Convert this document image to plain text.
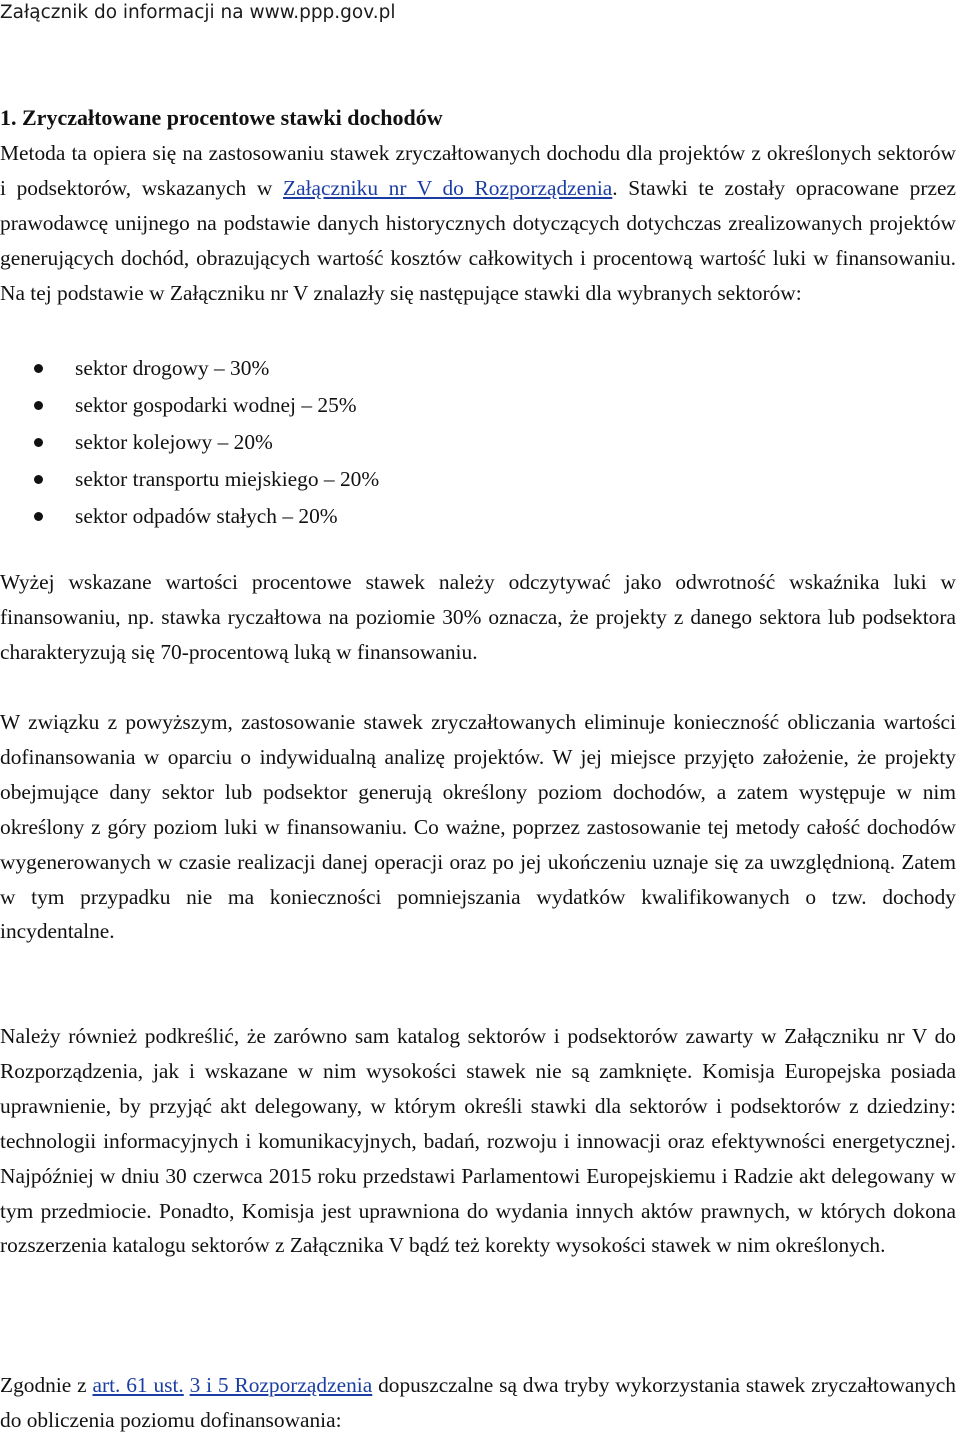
Załącznik do informacji na www.ppp.gov.pl
1. Zryczałtowane procentowe stawki dochodów

Metoda ta opiera się na zastosowaniu stawek zryczałtowanych dochodu dla projektów z określonych sektorów i podsektorów, wskazanych w Załączniku nr V do Rozporządzenia. Stawki te zostały opracowane przez prawodawcę unijnego na podstawie danych historycznych dotyczących dotychczas zrealizowanych projektów generujących dochód, obrazujących wartość kosztów całkowitych i procentową wartość luki w finansowaniu. Na tej podstawie w Załączniku nr V znalazły się następujące stawki dla wybranych sektorów:

sektor drogowy – 30%
sektor gospodarki wodnej – 25%
sektor kolejowy – 20%
sektor transportu miejskiego – 20%
sektor odpadów stałych – 20%

Wyżej wskazane wartości procentowe stawek należy odczytywać jako odwrotność wskaźnika luki w finansowaniu, np. stawka ryczałtowa na poziomie 30% oznacza, że projekty z danego sektora lub podsektora charakteryzują się 70-procentową luką w finansowaniu.

W związku z powyższym, zastosowanie stawek zryczałtowanych eliminuje konieczność obliczania wartości dofinansowania w oparciu o indywidualną analizę projektów. W jej miejsce przyjęto założenie, że projekty obejmujące dany sektor lub podsektor generują określony poziom dochodów, a zatem występuje w nim określony z góry poziom luki w finansowaniu. Co ważne, poprzez zastosowanie tej metody całość dochodów wygenerowanych w czasie realizacji danej operacji oraz po jej ukończeniu uznaje się za uwzględnioną. Zatem w tym przypadku nie ma konieczności pomniejszania wydatków kwalifikowanych o tzw. dochody incydentalne.

Należy również podkreślić, że zarówno sam katalog sektorów i podsektorów zawarty w Załączniku nr V do Rozporządzenia, jak i wskazane w nim wysokości stawek nie są zamknięte. Komisja Europejska posiada uprawnienie, by przyjąć akt delegowany, w którym określi stawki dla sektorów i podsektorów z dziedziny: technologii informacyjnych i komunikacyjnych, badań, rozwoju i innowacji oraz efektywności energetycznej. Najpóźniej w dniu 30 czerwca 2015 roku przedstawi Parlamentowi Europejskiemu i Radzie akt delegowany w tym przedmiocie. Ponadto, Komisja jest uprawniona do wydania innych aktów prawnych, w których dokona rozszerzenia katalogu sektorów z Załącznika V bądź też korekty wysokości stawek w nim określonych.

Zgodnie z art. 61 ust. 3 i 5 Rozporządzenia dopuszczalne są dwa tryby wykorzystania stawek zryczałtowanych do obliczenia poziomu dofinansowania:
